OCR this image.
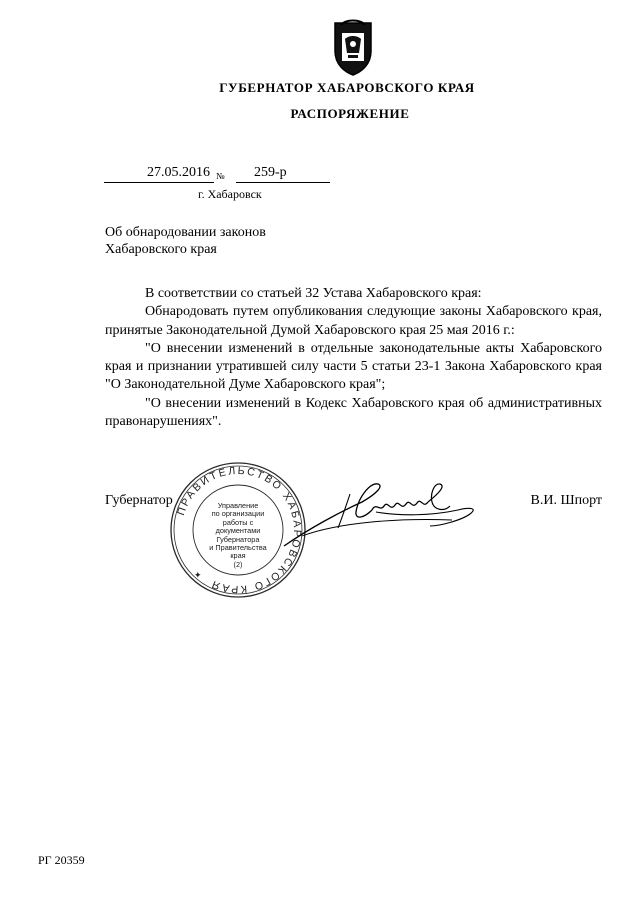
ГУБЕРНАТОР ХАБАРОВСКОГО КРАЯ
РАСПОРЯЖЕНИЕ
27.05.2016 №	259-р
г. Хабаровск
Об обнародовании законов Хабаровского края

В соответствии со статьей 32 Устава Хабаровского края:

Обнародовать путем опубликования следующие законы Хабаровского края, принятые Законодательной Думой Хабаровского края 25 мая 2016 г.:

"О внесении изменений в отдельные законодательные акты Хабаровского края и признании утратившей силу части 5 статьи 23-1 Закона Хабаровского края "О Законодательной Думе Хабаровского края";

"О внесении изменений в Кодекс Хабаровского края об административных правонарушениях".

ПРАВИТЕЛЬСТВО ХАБАРОВСКОГО КРАЯ
✦
Управление
по организации
работы с документами
Губернатора
и Правительства
края
(2)
Губернатор	В.И. Шпорт
РГ 20359
